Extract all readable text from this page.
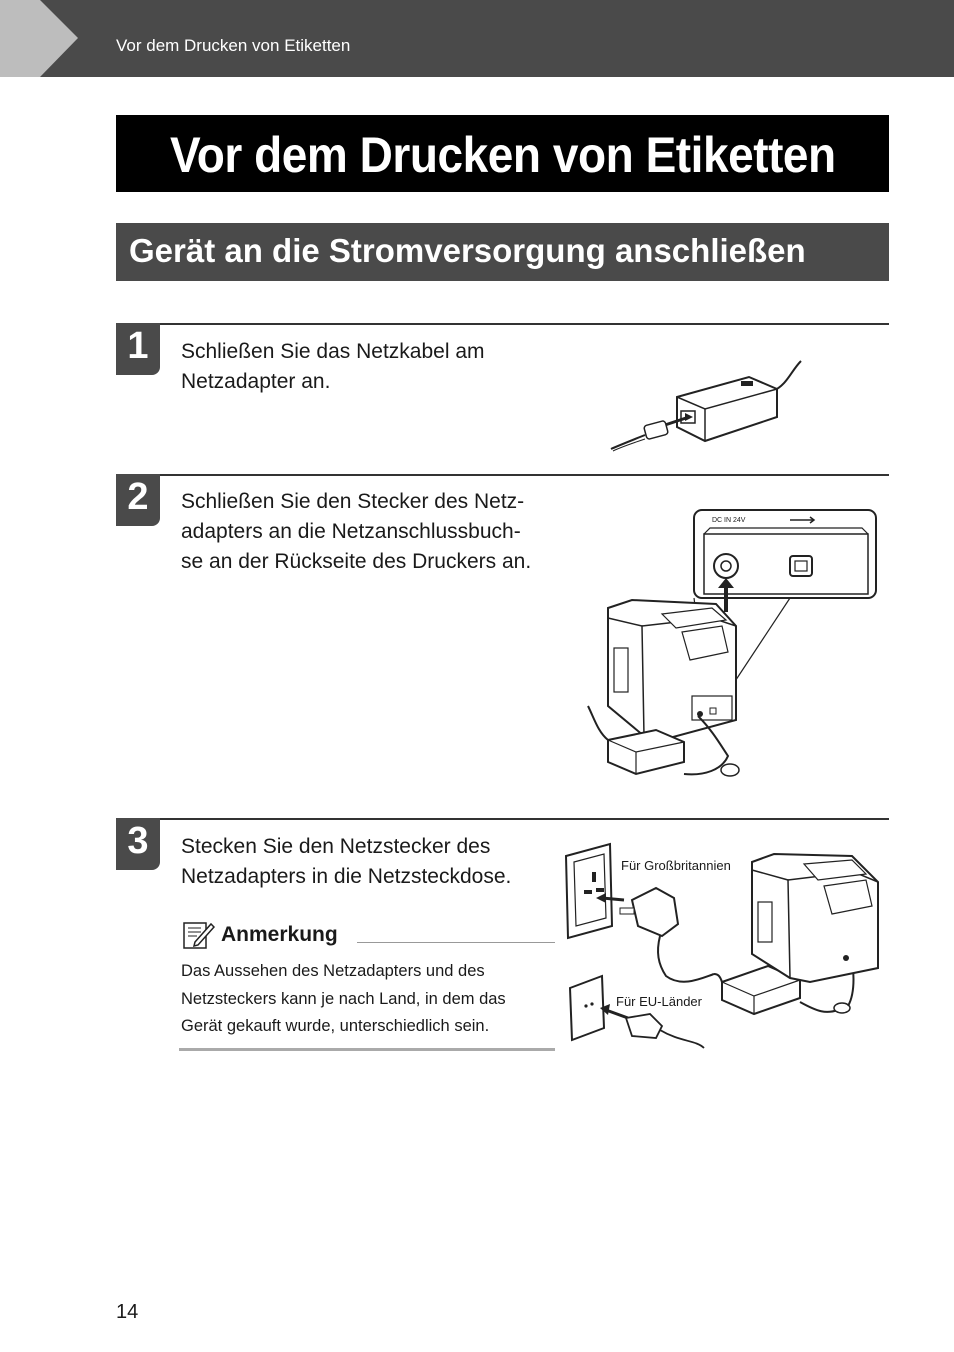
Vor dem Drucken von Etiketten
Vor dem Drucken von Etiketten
Gerät an die Stromversorgung anschließen
1	Schließen Sie das Netzkabel am
Netzadapter an.
2	Schließen Sie den Stecker des Netz-
adapters an die Netzanschlussbuch-
se an der Rückseite des Druckers an.
DC IN 24V
3	Stecken Sie den Netzstecker des
Netzadapters in die Netzsteckdose.
Anmerkung
Das Aussehen des Netzadapters und des
Netzsteckers kann je nach Land, in dem das
Gerät gekauft wurde, unterschiedlich sein.
Für Großbritannien
Für EU-Länder
14
